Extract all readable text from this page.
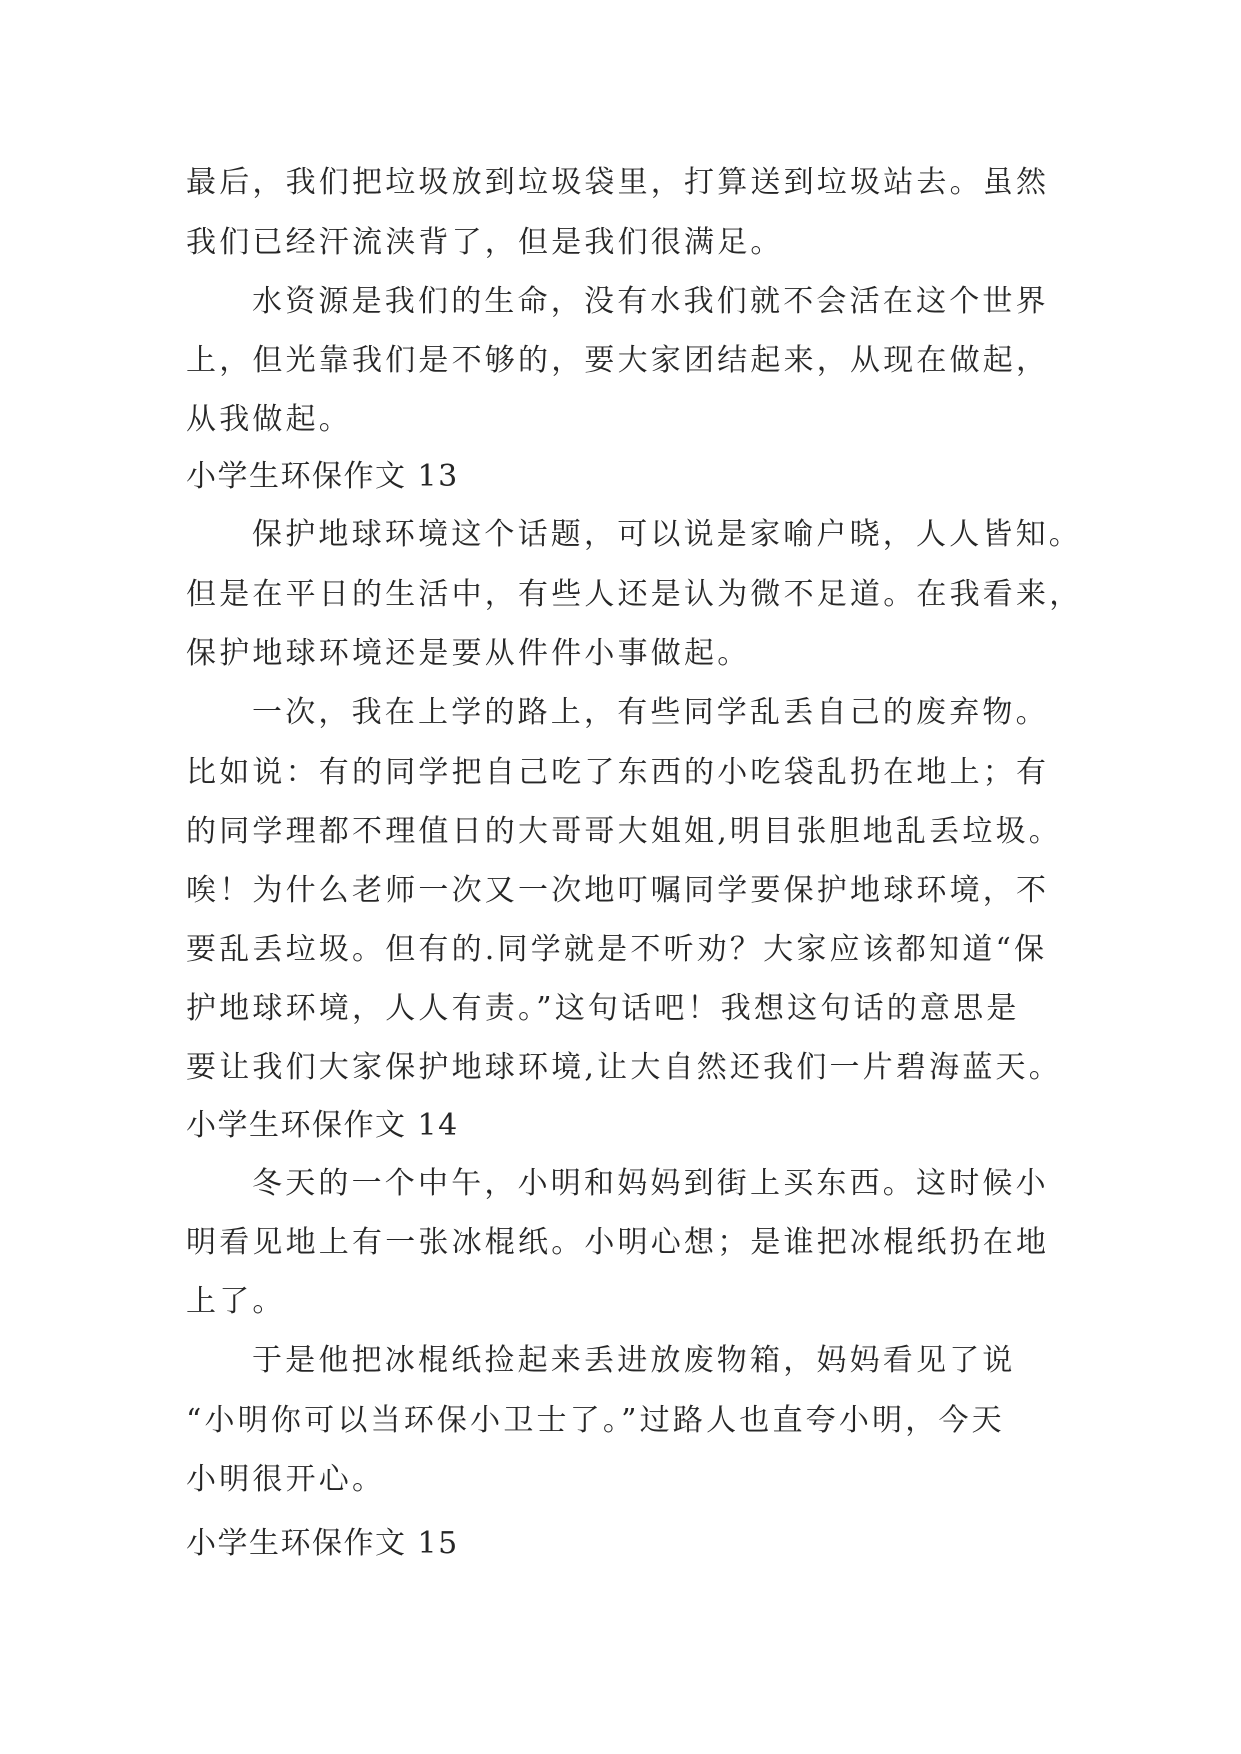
最后，我们把垃圾放到垃圾袋里，打算送到垃圾站去。虽然
我们已经汗流浃背了，但是我们很满足。
水资源是我们的生命，没有水我们就不会活在这个世界
上，但光靠我们是不够的，要大家团结起来，从现在做起，
从我做起。
小学生环保作文 13
保护地球环境这个话题，可以说是家喻户晓，人人皆知。
但是在平日的生活中，有些人还是认为微不足道。在我看来，
保护地球环境还是要从件件小事做起。
一次，我在上学的路上，有些同学乱丢自己的废弃物。
比如说：有的同学把自己吃了东西的小吃袋乱扔在地上；有
的同学理都不理值日的大哥哥大姐姐,明目张胆地乱丢垃圾。
唉！为什么老师一次又一次地叮嘱同学要保护地球环境，不
要乱丢垃圾。但有的.同学就是不听劝？大家应该都知道“保
护地球环境，人人有责。”这句话吧！我想这句话的意思是
要让我们大家保护地球环境,让大自然还我们一片碧海蓝天。
小学生环保作文 14
冬天的一个中午，小明和妈妈到街上买东西。这时候小
明看见地上有一张冰棍纸。小明心想；是谁把冰棍纸扔在地
上了。
于是他把冰棍纸捡起来丢进放废物箱，妈妈看见了说
“小明你可以当环保小卫士了。”过路人也直夸小明，今天
小明很开心。
小学生环保作文 15
